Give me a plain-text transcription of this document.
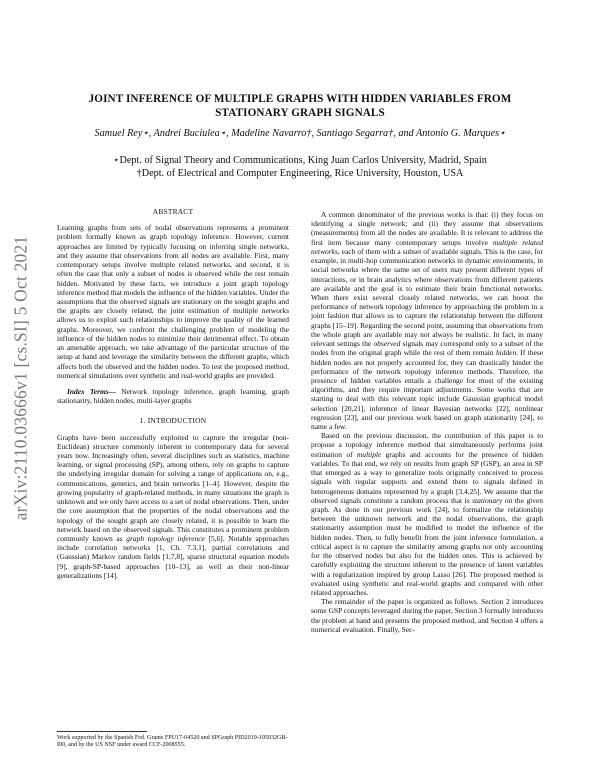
arXiv:2110.03666v1 [cs.SI] 5 Oct 2021
JOINT INFERENCE OF MULTIPLE GRAPHS WITH HIDDEN VARIABLES FROM
STATIONARY GRAPH SIGNALS
Samuel Rey⋆, Andrei Buciulea⋆, Madeline Navarro†, Santiago Segarra†, and Antonio G. Marques⋆
⋆Dept. of Signal Theory and Communications, King Juan Carlos University, Madrid, Spain
†Dept. of Electrical and Computer Engineering, Rice University, Houston, USA

ABSTRACT

Learning graphs from sets of nodal observations represents a prominent problem formally known as graph topology inference. However, current approaches are limited by typically focusing on inferring single networks, and they assume that observations from all nodes are available. First, many contemporary setups involve multiple related networks, and second, it is often the case that only a subset of nodes is observed while the rest remain hidden. Motivated by these facts, we introduce a joint graph topology inference method that models the influence of the hidden variables. Under the assumptions that the observed signals are stationary on the sought graphs and the graphs are closely related, the joint estimation of multiple networks allows us to exploit such relationships to improve the quality of the learned graphs. Moreover, we confront the challenging problem of modeling the influence of the hidden nodes to minimize their detrimental effect. To obtain an amenable approach, we take advantage of the particular structure of the setup at hand and leverage the similarity between the different graphs, which affects both the observed and the hidden nodes. To test the proposed method, numerical simulations over synthetic and real-world graphs are provided.

Index Terms— Network topology inference, graph learning, graph stationarity, hidden nodes, multi-layer graphs

1. INTRODUCTION

Graphs have been successfully exploited to capture the irregular (non-Euclidean) structure commonly inherent to contemporary data for several years now. Increasingly often, several disciplines such as statistics, machine learning, or signal processing (SP), among others, rely on graphs to capture the underlying irregular domain for solving a range of applications on, e.g., communications, genetics, and brain networks [1–4]. However, despite the growing popularity of graph-related methods, in many situations the graph is unknown and we only have access to a set of nodal observations. Then, under the core assumption that the properties of the nodal observations and the topology of the sought graph are closely related, it is possible to learn the network based on the observed signals. This constitutes a prominent problem commonly known as graph topology inference [5,6]. Notable approaches include correlation networks [1, Ch. 7.3.1], partial correlations and (Gaussian) Markov random fields [1,7,8], sparse structural equation models [9], graph-SP-based approaches [10–13], as well as their non-linear generalizations [14].

Work supported by the Spanish Fed. Grants FPU17-04520 and SPGraph PID2019-105032GB-I00, and by the US NSF under award CCF-2008555.

A common denominator of the previous works is that: (i) they focus on identifying a single network; and (ii) they assume that observations (measurements) from all the nodes are available. It is relevant to address the first item because many contemporary setups involve multiple related networks, each of them with a subset of available signals. This is the case, for example, in multi-hop communication networks in dynamic environments, in social networks where the same set of users may present different types of interactions, or in brain analytics where observations from different patients are available and the goal is to estimate their brain functional networks. When there exist several closely related networks, we can boost the performance of network topology inference by approaching the problem in a joint fashion that allows us to capture the relationship between the different graphs [15–19]. Regarding the second point, assuming that observations from the whole graph are available may not always be realistic. In fact, in many relevant settings the observed signals may correspond only to a subset of the nodes from the original graph while the rest of them remain hidden. If these hidden nodes are not properly accounted for, they can drastically hinder the performance of the network topology inference methods. Therefore, the presence of hidden variables entails a challenge for most of the existing algorithms, and they require important adjustments. Some works that are starting to deal with this relevant topic include Gaussian graphical model selection [20,21], inference of linear Bayesian networks [22], nonlinear regression [23], and our previous work based on graph stationarity [24], to name a few.

Based on the previous discussion, the contribution of this paper is to propose a topology inference method that simultaneously performs joint estimation of multiple graphs and accounts for the presence of hidden variables. To that end, we rely on results from graph SP (GSP), an area in SP that emerged as a way to generalize tools originally conceived to process signals with regular supports and extend them to signals defined in heterogeneous domains represented by a graph [3,4,25]. We assume that the observed signals constitute a random process that is stationary on the given graph. As done in our previous work [24], to formalize the relationship between the unknown network and the nodal observations, the graph stationarity assumption must be modified to model the influence of the hidden nodes. Then, to fully benefit from the joint inference formulation, a critical aspect is to capture the similarity among graphs not only accounting for the observed nodes but also for the hidden ones. This is achieved by carefully exploiting the structure inherent to the presence of latent variables with a regularization inspired by group Lasso [26]. The proposed method is evaluated using synthetic and real-world graphs and compared with other related approaches.

The remainder of the paper is organized as follows. Section 2 introduces some GSP concepts leveraged during the paper, Section 3 formally introduces the problem at hand and presents the proposed method, and Section 4 offers a numerical evaluation. Finally, Sec-
